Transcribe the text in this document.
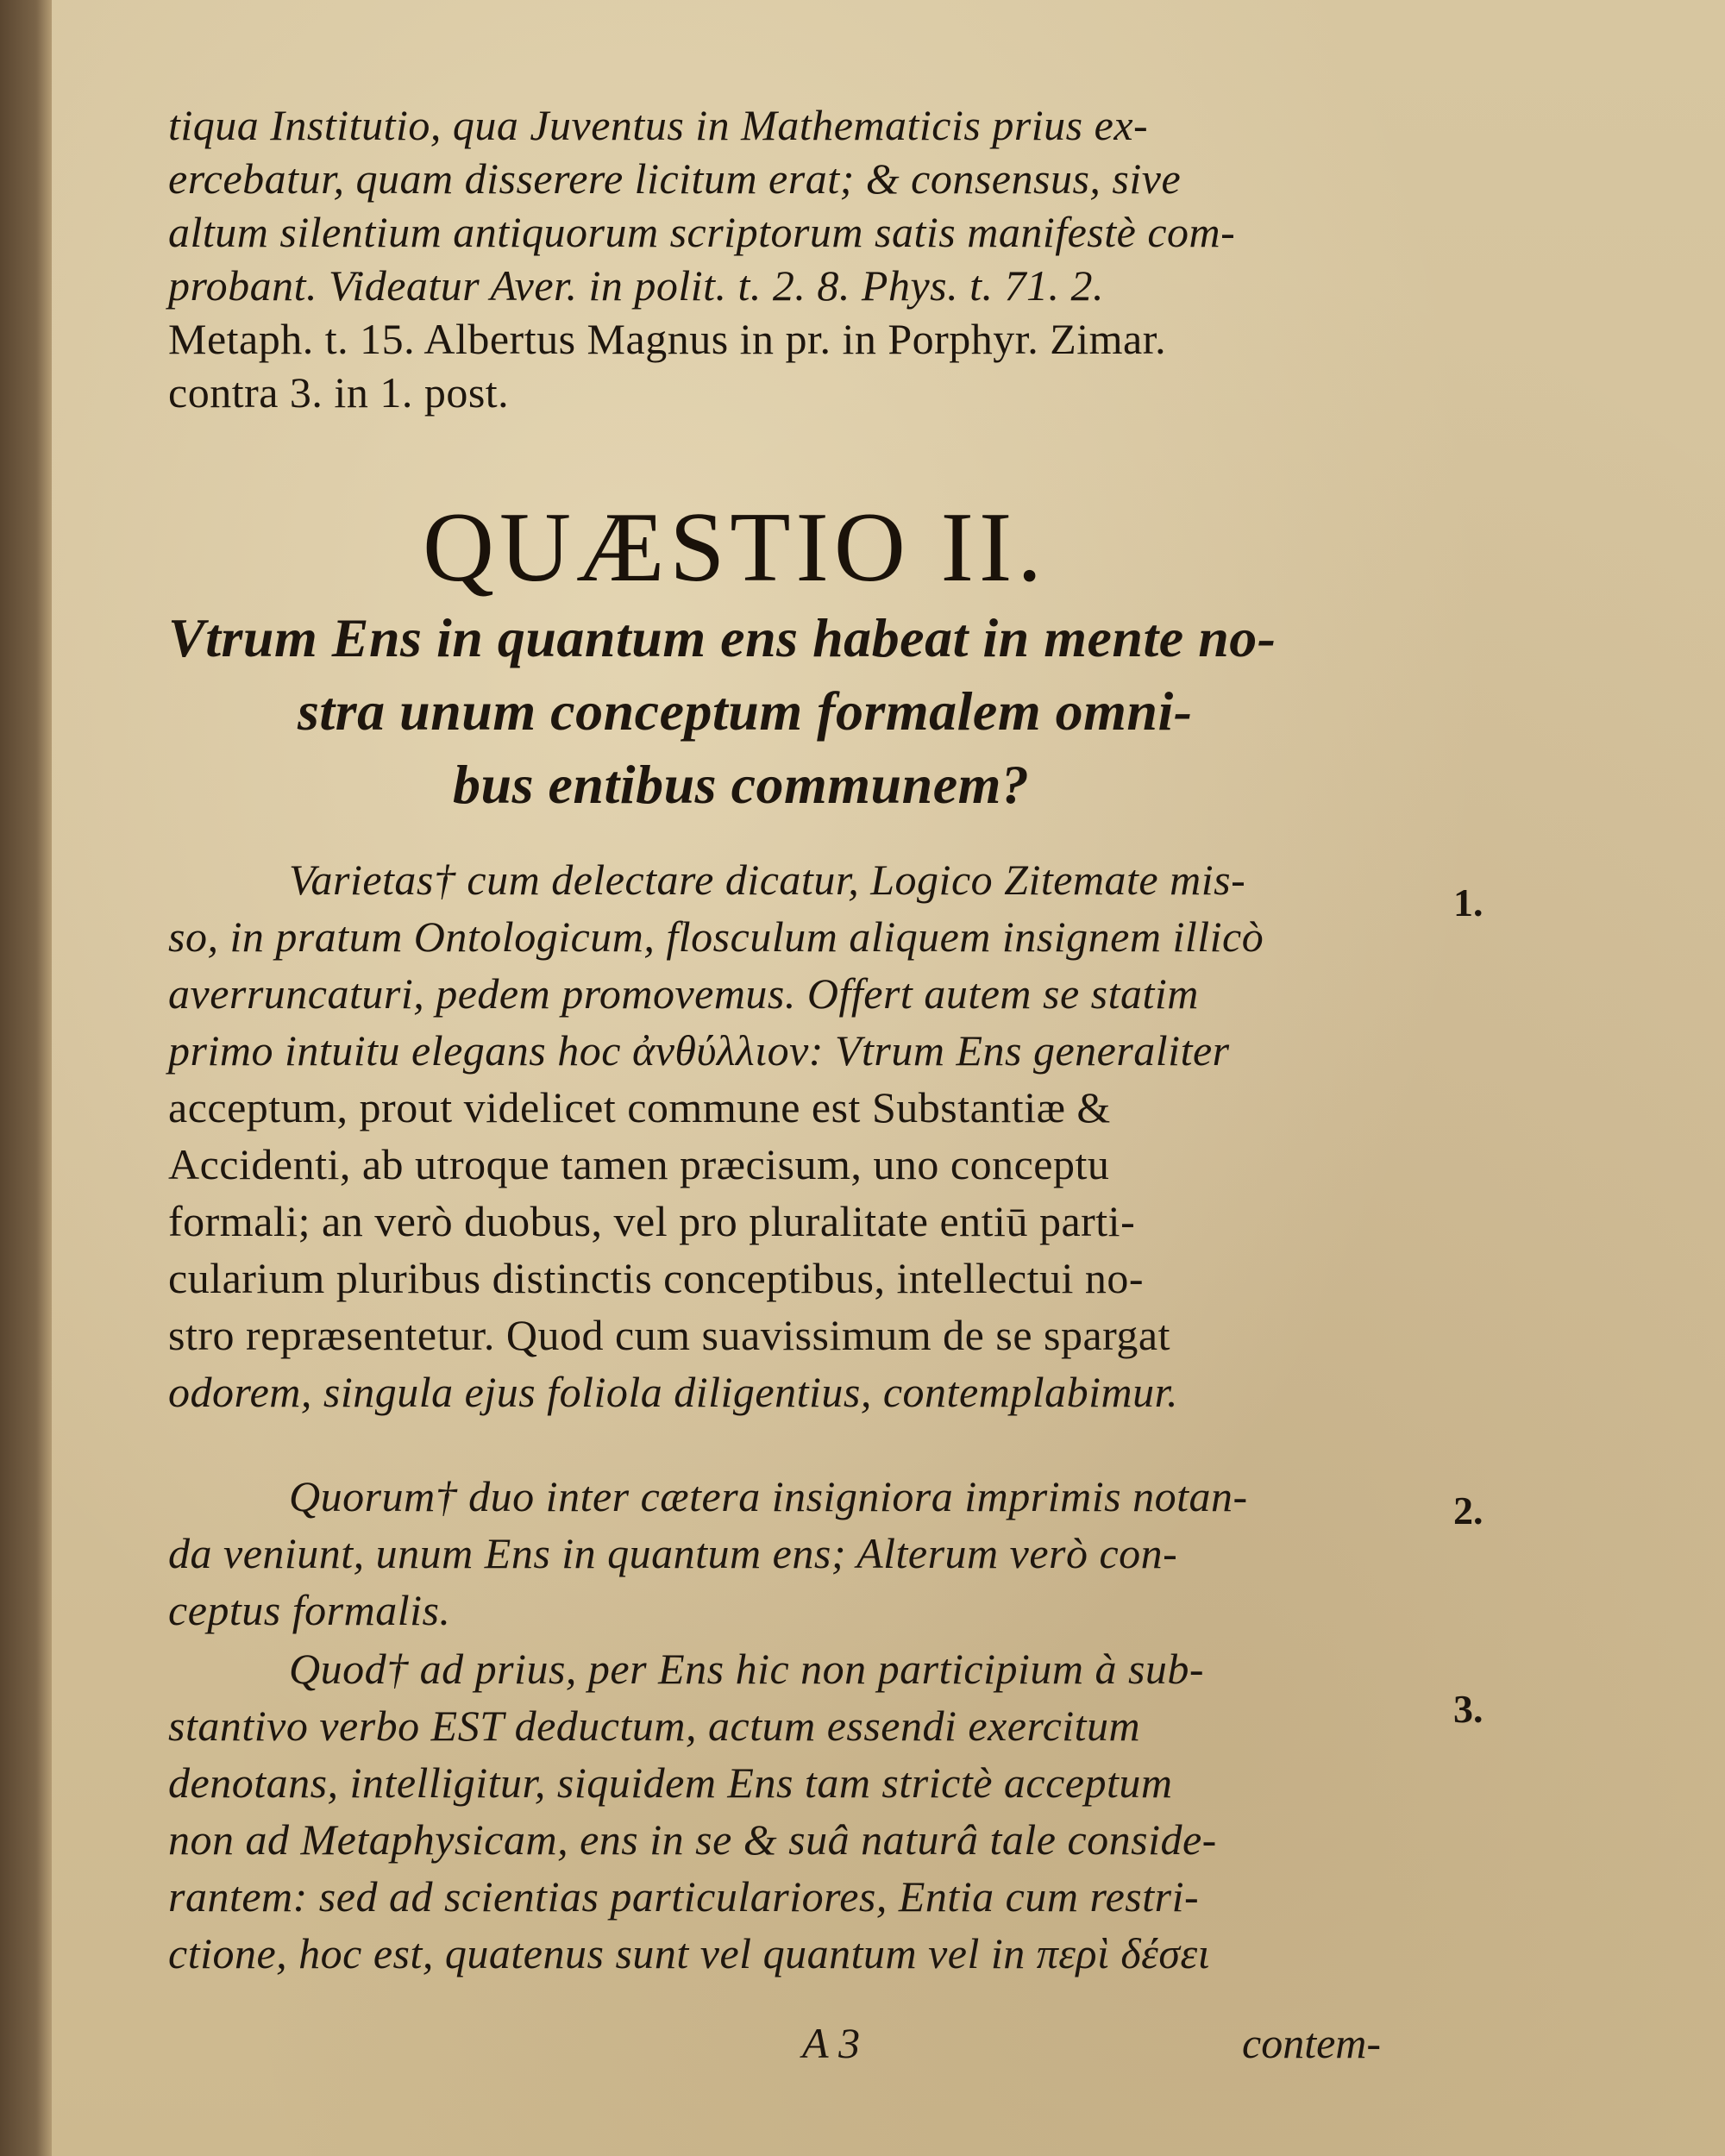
tiqua Institutio, qua Juventus in Mathematicis prius ex-
ercebatur, quam disserere licitum erat; & consensus, sive
altum silentium antiquorum scriptorum satis manifestè com-
probant. Videatur Aver. in polit. t. 2. 8. Phys. t. 71. 2.
Metaph. t. 15. Albertus Magnus in pr. in Porphyr. Zimar.
contra 3. in 1. post.
QUÆSTIO II.
Vtrum Ens in quantum ens habeat in mente no-
stra unum conceptum formalem omni-
bus entibus communem?
Varietas† cum delectare dicatur, Logico Zitemate mis-
so, in pratum Ontologicum, flosculum aliquem insignem illicò
averruncaturi, pedem promovemus. Offert autem se statim
primo intuitu elegans hoc ἀνθύλλιον: Vtrum Ens generaliter
acceptum, prout videlicet commune est Substantiæ &
Accidenti, ab utroque tamen præcisum, uno conceptu
formali; an verò duobus, vel pro pluralitate entiū parti-
cularium pluribus distinctis conceptibus, intellectui no-
stro repræsentetur. Quod cum suavissimum de se spargat
odorem, singula ejus foliola diligentius, contemplabimur.
1.
Quorum† duo inter cætera insigniora imprimis notan-
da veniunt, unum Ens in quantum ens; Alterum verò con-
ceptus formalis.
2.
Quod† ad prius, per Ens hic non participium à sub-
stantivo verbo EST deductum, actum essendi exercitum
denotans, intelligitur, siquidem Ens tam strictè acceptum
non ad Metaphysicam, ens in se & suâ naturâ tale conside-
rantem: sed ad scientias particulariores, Entia cum restri-
ctione, hoc est, quatenus sunt vel quantum vel in περὶ δέσει
3.
A 3	contem-
